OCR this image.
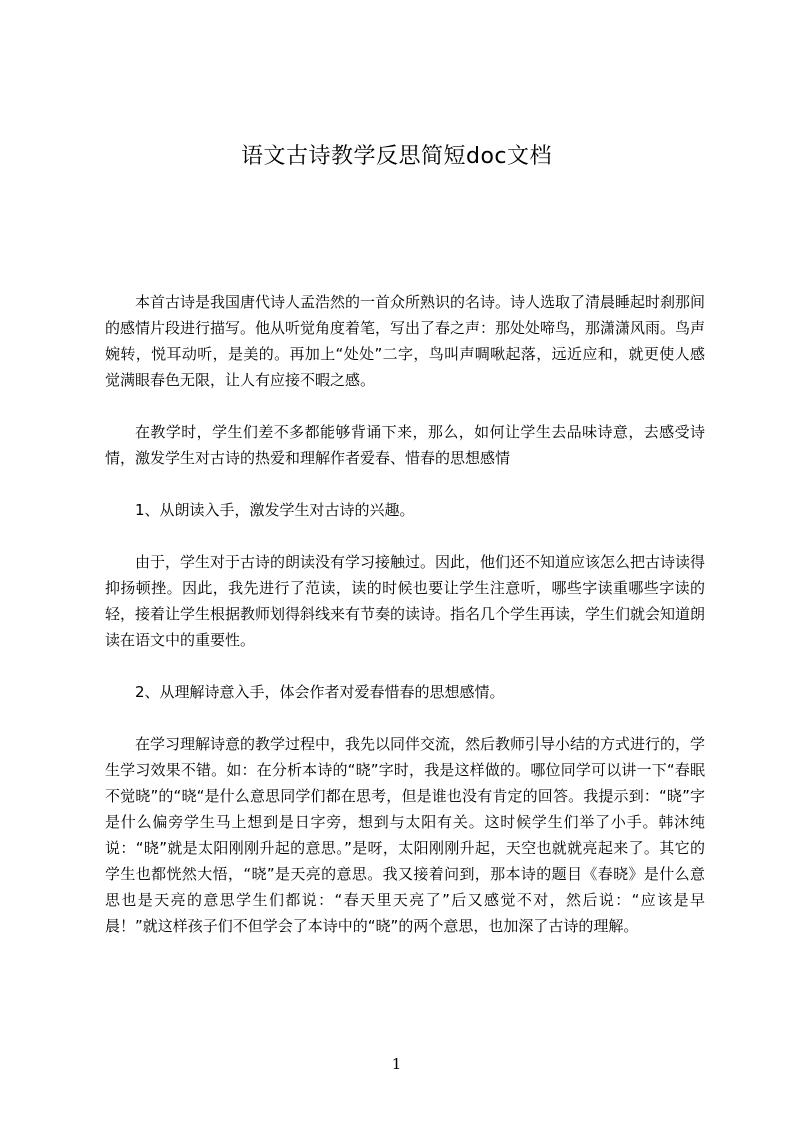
语文古诗教学反思简短doc文档

本首古诗是我国唐代诗人孟浩然的一首众所熟识的名诗。诗人选取了清晨睡起时刹那间的感情片段进行描写。他从听觉角度着笔，写出了春之声：那处处啼鸟，那潇潇风雨。鸟声婉转，悦耳动听，是美的。再加上“处处”二字，鸟叫声啁啾起落，远近应和，就更使人感觉满眼春色无限，让人有应接不暇之感。

在教学时，学生们差不多都能够背诵下来，那么，如何让学生去品味诗意，去感受诗情，激发学生对古诗的热爱和理解作者爱春、惜春的思想感情

1、从朗读入手，激发学生对古诗的兴趣。

由于，学生对于古诗的朗读没有学习接触过。因此，他们还不知道应该怎么把古诗读得抑扬顿挫。因此，我先进行了范读，读的时候也要让学生注意听，哪些字读重哪些字读的轻，接着让学生根据教师划得斜线来有节奏的读诗。指名几个学生再读，学生们就会知道朗读在语文中的重要性。

2、从理解诗意入手，体会作者对爱春惜春的思想感情。

在学习理解诗意的教学过程中，我先以同伴交流，然后教师引导小结的方式进行的，学生学习效果不错。如：在分析本诗的“晓”字时，我是这样做的。哪位同学可以讲一下“春眠不觉晓”的“晓“是什么意思同学们都在思考，但是谁也没有肯定的回答。我提示到：“晓”字是什么偏旁学生马上想到是日字旁，想到与太阳有关。这时候学生们举了小手。韩沐纯说：“晓”就是太阳刚刚升起的意思。”是呀，太阳刚刚升起，天空也就就亮起来了。其它的学生也都恍然大悟，“晓”是天亮的意思。我又接着问到，那本诗的题目《春晓》是什么意思也是天亮的意思学生们都说：“春天里天亮了”后又感觉不对，然后说：“应该是早晨！”就这样孩子们不但学会了本诗中的“晓”的两个意思，也加深了古诗的理解。

1
